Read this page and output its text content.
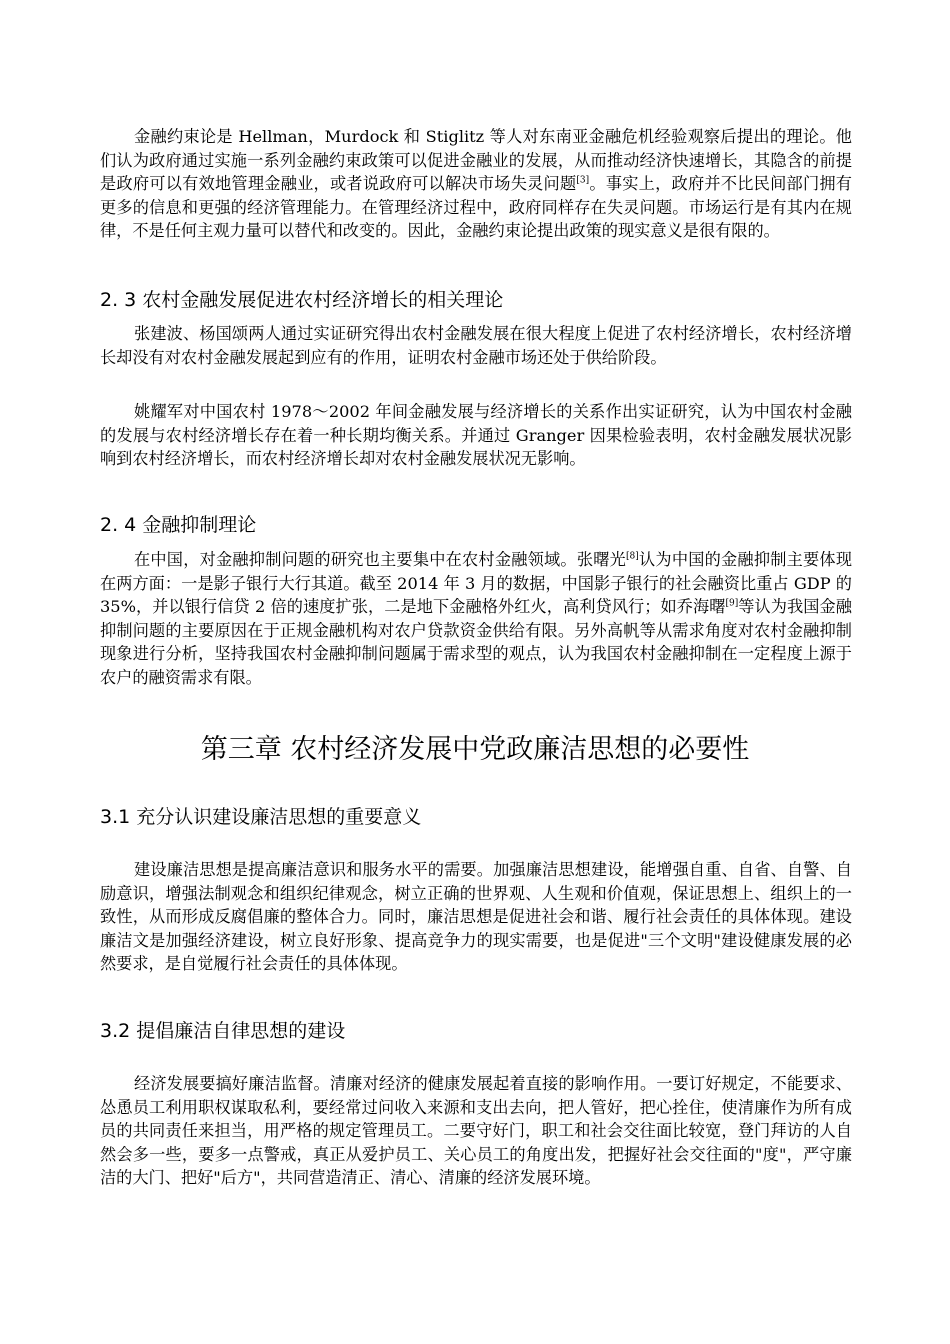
金融约束论是 Hellman，Murdock 和 Stiglitz 等人对东南亚金融危机经验观察后提出的理论。他们认为政府通过实施一系列金融约束政策可以促进金融业的发展，从而推动经济快速增长，其隐含的前提是政府可以有效地管理金融业，或者说政府可以解决市场失灵问题[3]。事实上，政府并不比民间部门拥有更多的信息和更强的经济管理能力。在管理经济过程中，政府同样存在失灵问题。市场运行是有其内在规律，不是任何主观力量可以替代和改变的。因此，金融约束论提出政策的现实意义是很有限的。

2. 3 农村金融发展促进农村经济增长的相关理论

张建波、杨国颂两人通过实证研究得出农村金融发展在很大程度上促进了农村经济增长，农村经济增长却没有对农村金融发展起到应有的作用，证明农村金融市场还处于供给阶段。

姚耀军对中国农村 1978～2002 年间金融发展与经济增长的关系作出实证研究，认为中国农村金融的发展与农村经济增长存在着一种长期均衡关系。并通过 Granger 因果检验表明，农村金融发展状况影响到农村经济增长，而农村经济增长却对农村金融发展状况无影响。

2. 4 金融抑制理论

在中国，对金融抑制问题的研究也主要集中在农村金融领域。张曙光[8]认为中国的金融抑制主要体现在两方面：一是影子银行大行其道。截至 2014 年 3 月的数据，中国影子银行的社会融资比重占 GDP 的 35%，并以银行信贷 2 倍的速度扩张，二是地下金融格外红火，高利贷风行；如乔海曙[9]等认为我国金融抑制问题的主要原因在于正规金融机构对农户贷款资金供给有限。另外高帆等从需求角度对农村金融抑制现象进行分析，坚持我国农村金融抑制问题属于需求型的观点，认为我国农村金融抑制在一定程度上源于农户的融资需求有限。

第三章 农村经济发展中党政廉洁思想的必要性
3.1 充分认识建设廉洁思想的重要意义

建设廉洁思想是提高廉洁意识和服务水平的需要。加强廉洁思想建设，能增强自重、自省、自警、自励意识，增强法制观念和组织纪律观念，树立正确的世界观、人生观和价值观，保证思想上、组织上的一致性，从而形成反腐倡廉的整体合力。同时，廉洁思想是促进社会和谐、履行社会责任的具体体现。建设廉洁文是加强经济建设，树立良好形象、提高竞争力的现实需要，也是促进"三个文明"建设健康发展的必然要求，是自觉履行社会责任的具体体现。

3.2 提倡廉洁自律思想的建设

经济发展要搞好廉洁监督。清廉对经济的健康发展起着直接的影响作用。一要订好规定，不能要求、怂恿员工利用职权谋取私利，要经常过问收入来源和支出去向，把人管好，把心拴住，使清廉作为所有成员的共同责任来担当，用严格的规定管理员工。二要守好门，职工和社会交往面比较宽，登门拜访的人自然会多一些，要多一点警戒，真正从爱护员工、关心员工的角度出发，把握好社会交往面的"度"，严守廉洁的大门、把好"后方"，共同营造清正、清心、清廉的经济发展环境。
